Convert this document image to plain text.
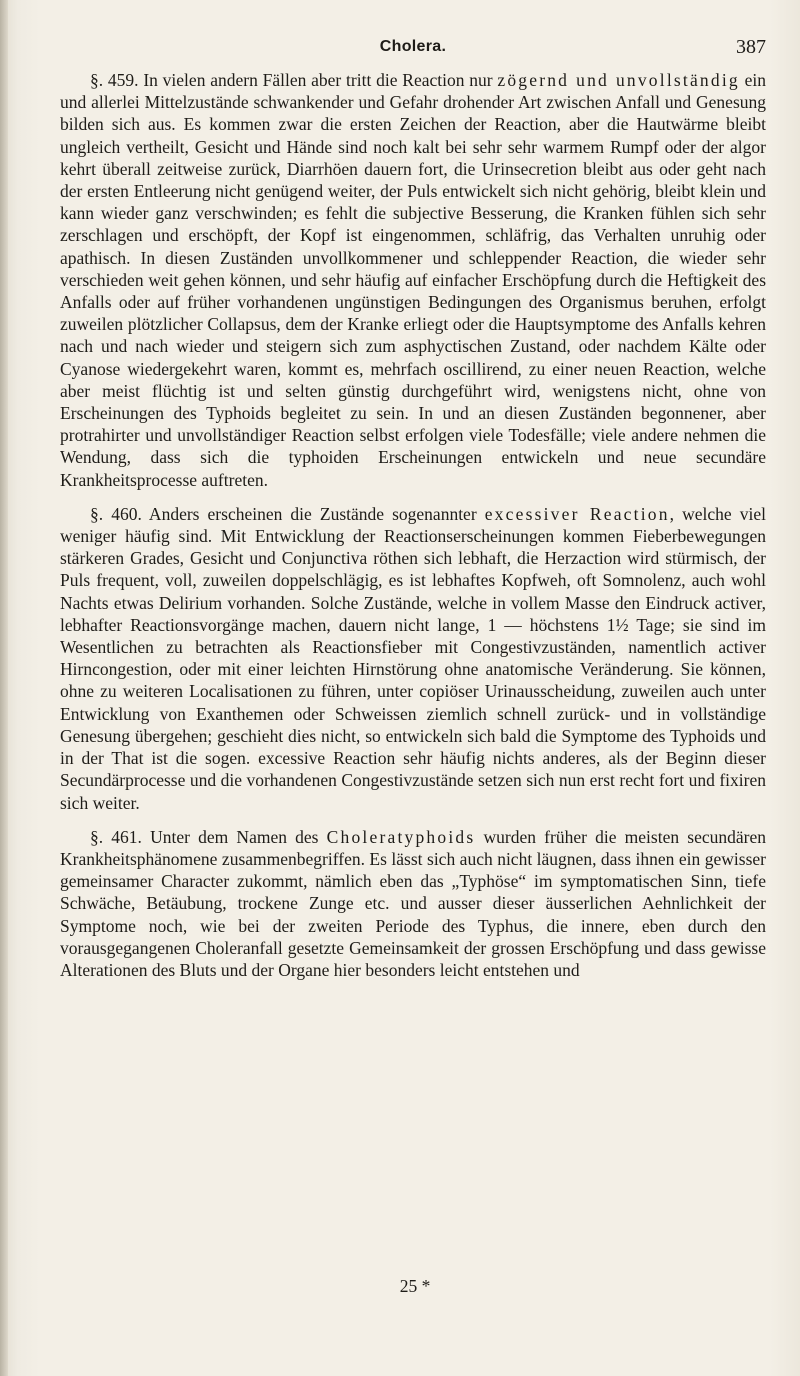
Cholera.	387

§. 459. In vielen andern Fällen aber tritt die Reaction nur zögernd und unvollständig ein und allerlei Mittelzustände schwankender und Gefahr drohender Art zwischen Anfall und Genesung bilden sich aus. Es kommen zwar die ersten Zeichen der Reaction, aber die Hautwärme bleibt ungleich vertheilt, Gesicht und Hände sind noch kalt bei sehr sehr warmem Rumpf oder der algor kehrt überall zeitweise zurück, Diarrhöen dauern fort, die Urinsecretion bleibt aus oder geht nach der ersten Entleerung nicht genügend weiter, der Puls entwickelt sich nicht gehörig, bleibt klein und kann wieder ganz verschwinden; es fehlt die subjective Besserung, die Kranken fühlen sich sehr zerschlagen und erschöpft, der Kopf ist eingenommen, schläfrig, das Verhalten unruhig oder apathisch. In diesen Zuständen unvollkommener und schleppender Reaction, die wieder sehr verschieden weit gehen können, und sehr häufig auf einfacher Erschöpfung durch die Heftigkeit des Anfalls oder auf früher vorhandenen ungünstigen Bedingungen des Organismus beruhen, erfolgt zuweilen plötzlicher Collapsus, dem der Kranke erliegt oder die Hauptsymptome des Anfalls kehren nach und nach wieder und steigern sich zum asphyctischen Zustand, oder nachdem Kälte oder Cyanose wiedergekehrt waren, kommt es, mehrfach oscillirend, zu einer neuen Reaction, welche aber meist flüchtig ist und selten günstig durchgeführt wird, wenigstens nicht, ohne von Erscheinungen des Typhoids begleitet zu sein. In und an diesen Zuständen begonnener, aber protrahirter und unvollständiger Reaction selbst erfolgen viele Todesfälle; viele andere nehmen die Wendung, dass sich die typhoiden Erscheinungen entwickeln und neue secundäre Krankheitsprocesse auftreten.

§. 460. Anders erscheinen die Zustände sogenannter excessiver Reaction, welche viel weniger häufig sind. Mit Entwicklung der Reactionserscheinungen kommen Fieberbewegungen stärkeren Grades, Gesicht und Conjunctiva röthen sich lebhaft, die Herzaction wird stürmisch, der Puls frequent, voll, zuweilen doppelschlägig, es ist lebhaftes Kopfweh, oft Somnolenz, auch wohl Nachts etwas Delirium vorhanden. Solche Zustände, welche in vollem Masse den Eindruck activer, lebhafter Reactionsvorgänge machen, dauern nicht lange, 1 — höchstens 1½ Tage; sie sind im Wesentlichen zu betrachten als Reactionsfieber mit Congestivzuständen, namentlich activer Hirncongestion, oder mit einer leichten Hirnstörung ohne anatomische Veränderung. Sie können, ohne zu weiteren Localisationen zu führen, unter copiöser Urinausscheidung, zuweilen auch unter Entwicklung von Exanthemen oder Schweissen ziemlich schnell zurück- und in vollständige Genesung übergehen; geschieht dies nicht, so entwickeln sich bald die Symptome des Typhoids und in der That ist die sogen. excessive Reaction sehr häufig nichts anderes, als der Beginn dieser Secundärprocesse und die vorhandenen Congestivzustände setzen sich nun erst recht fort und fixiren sich weiter.

§. 461. Unter dem Namen des Choleratyphoids wurden früher die meisten secundären Krankheitsphänomene zusammenbegriffen. Es lässt sich auch nicht läugnen, dass ihnen ein gewisser gemeinsamer Character zukommt, nämlich eben das „Typhöse“ im symptomatischen Sinn, tiefe Schwäche, Betäubung, trockene Zunge etc. und ausser dieser äusserlichen Aehnlichkeit der Symptome noch, wie bei der zweiten Periode des Typhus, die innere, eben durch den vorausgegangenen Choleranfall gesetzte Gemeinsamkeit der grossen Erschöpfung und dass gewisse Alterationen des Bluts und der Organe hier besonders leicht entstehen und

25 *
